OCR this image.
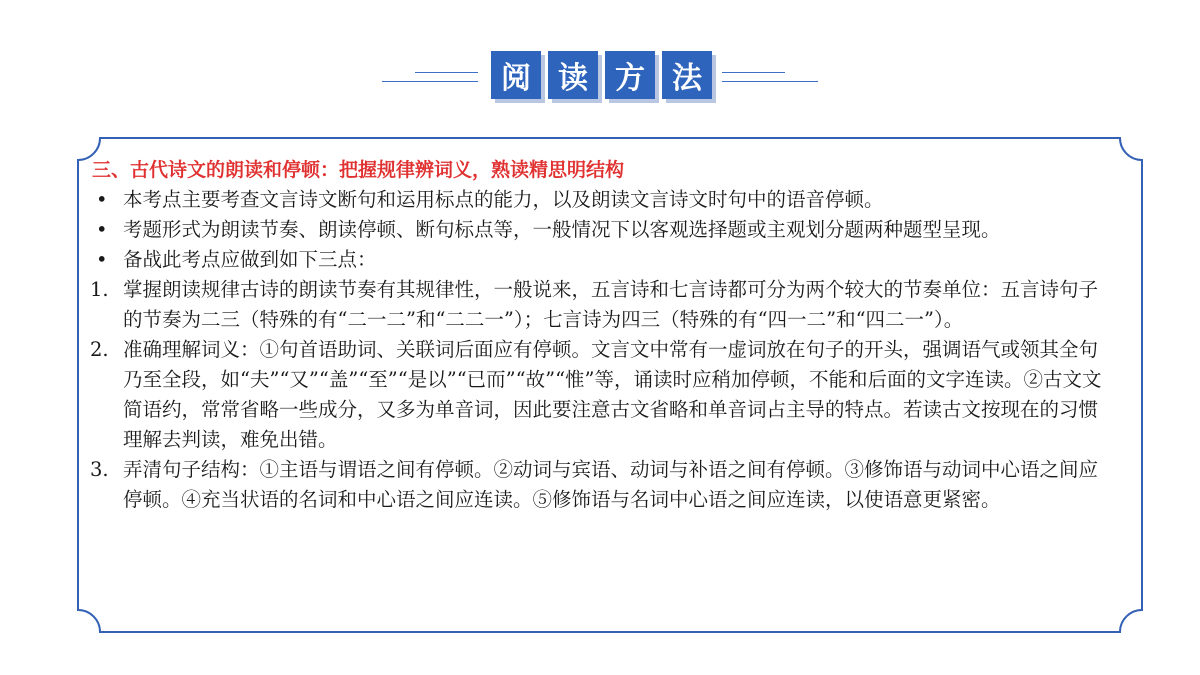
阅 读 方 法
三、古代诗文的朗读和停顿：把握规律辨词义，熟读精思明结构
• 本考点主要考查文言诗文断句和运用标点的能力，以及朗读文言诗文时句中的语音停顿。
• 考题形式为朗读节奏、朗读停顿、断句标点等，一般情况下以客观选择题或主观划分题两种题型呈现。
• 备战此考点应做到如下三点：
1. 掌握朗读规律古诗的朗读节奏有其规律性，一般说来，五言诗和七言诗都可分为两个较大的节奏单位：五言诗句子的节奏为二三（特殊的有“二一二”和“二二一”）；七言诗为四三（特殊的有“四一二”和“四二一”）。
2. 准确理解词义：①句首语助词、关联词后面应有停顿。文言文中常有一虚词放在句子的开头，强调语气或领其全句乃至全段，如“夫”“又”“盖”“至”“是以”“已而”“故”“惟”等，诵读时应稍加停顿，不能和后面的文字连读。②古文文简语约，常常省略一些成分，又多为单音词，因此要注意古文省略和单音词占主导的特点。若读古文按现在的习惯理解去判读，难免出错。
3. 弄清句子结构：①主语与谓语之间有停顿。②动词与宾语、动词与补语之间有停顿。③修饰语与动词中心语之间应停顿。④充当状语的名词和中心语之间应连读。⑤修饰语与名词中心语之间应连读，以使语意更紧密。
